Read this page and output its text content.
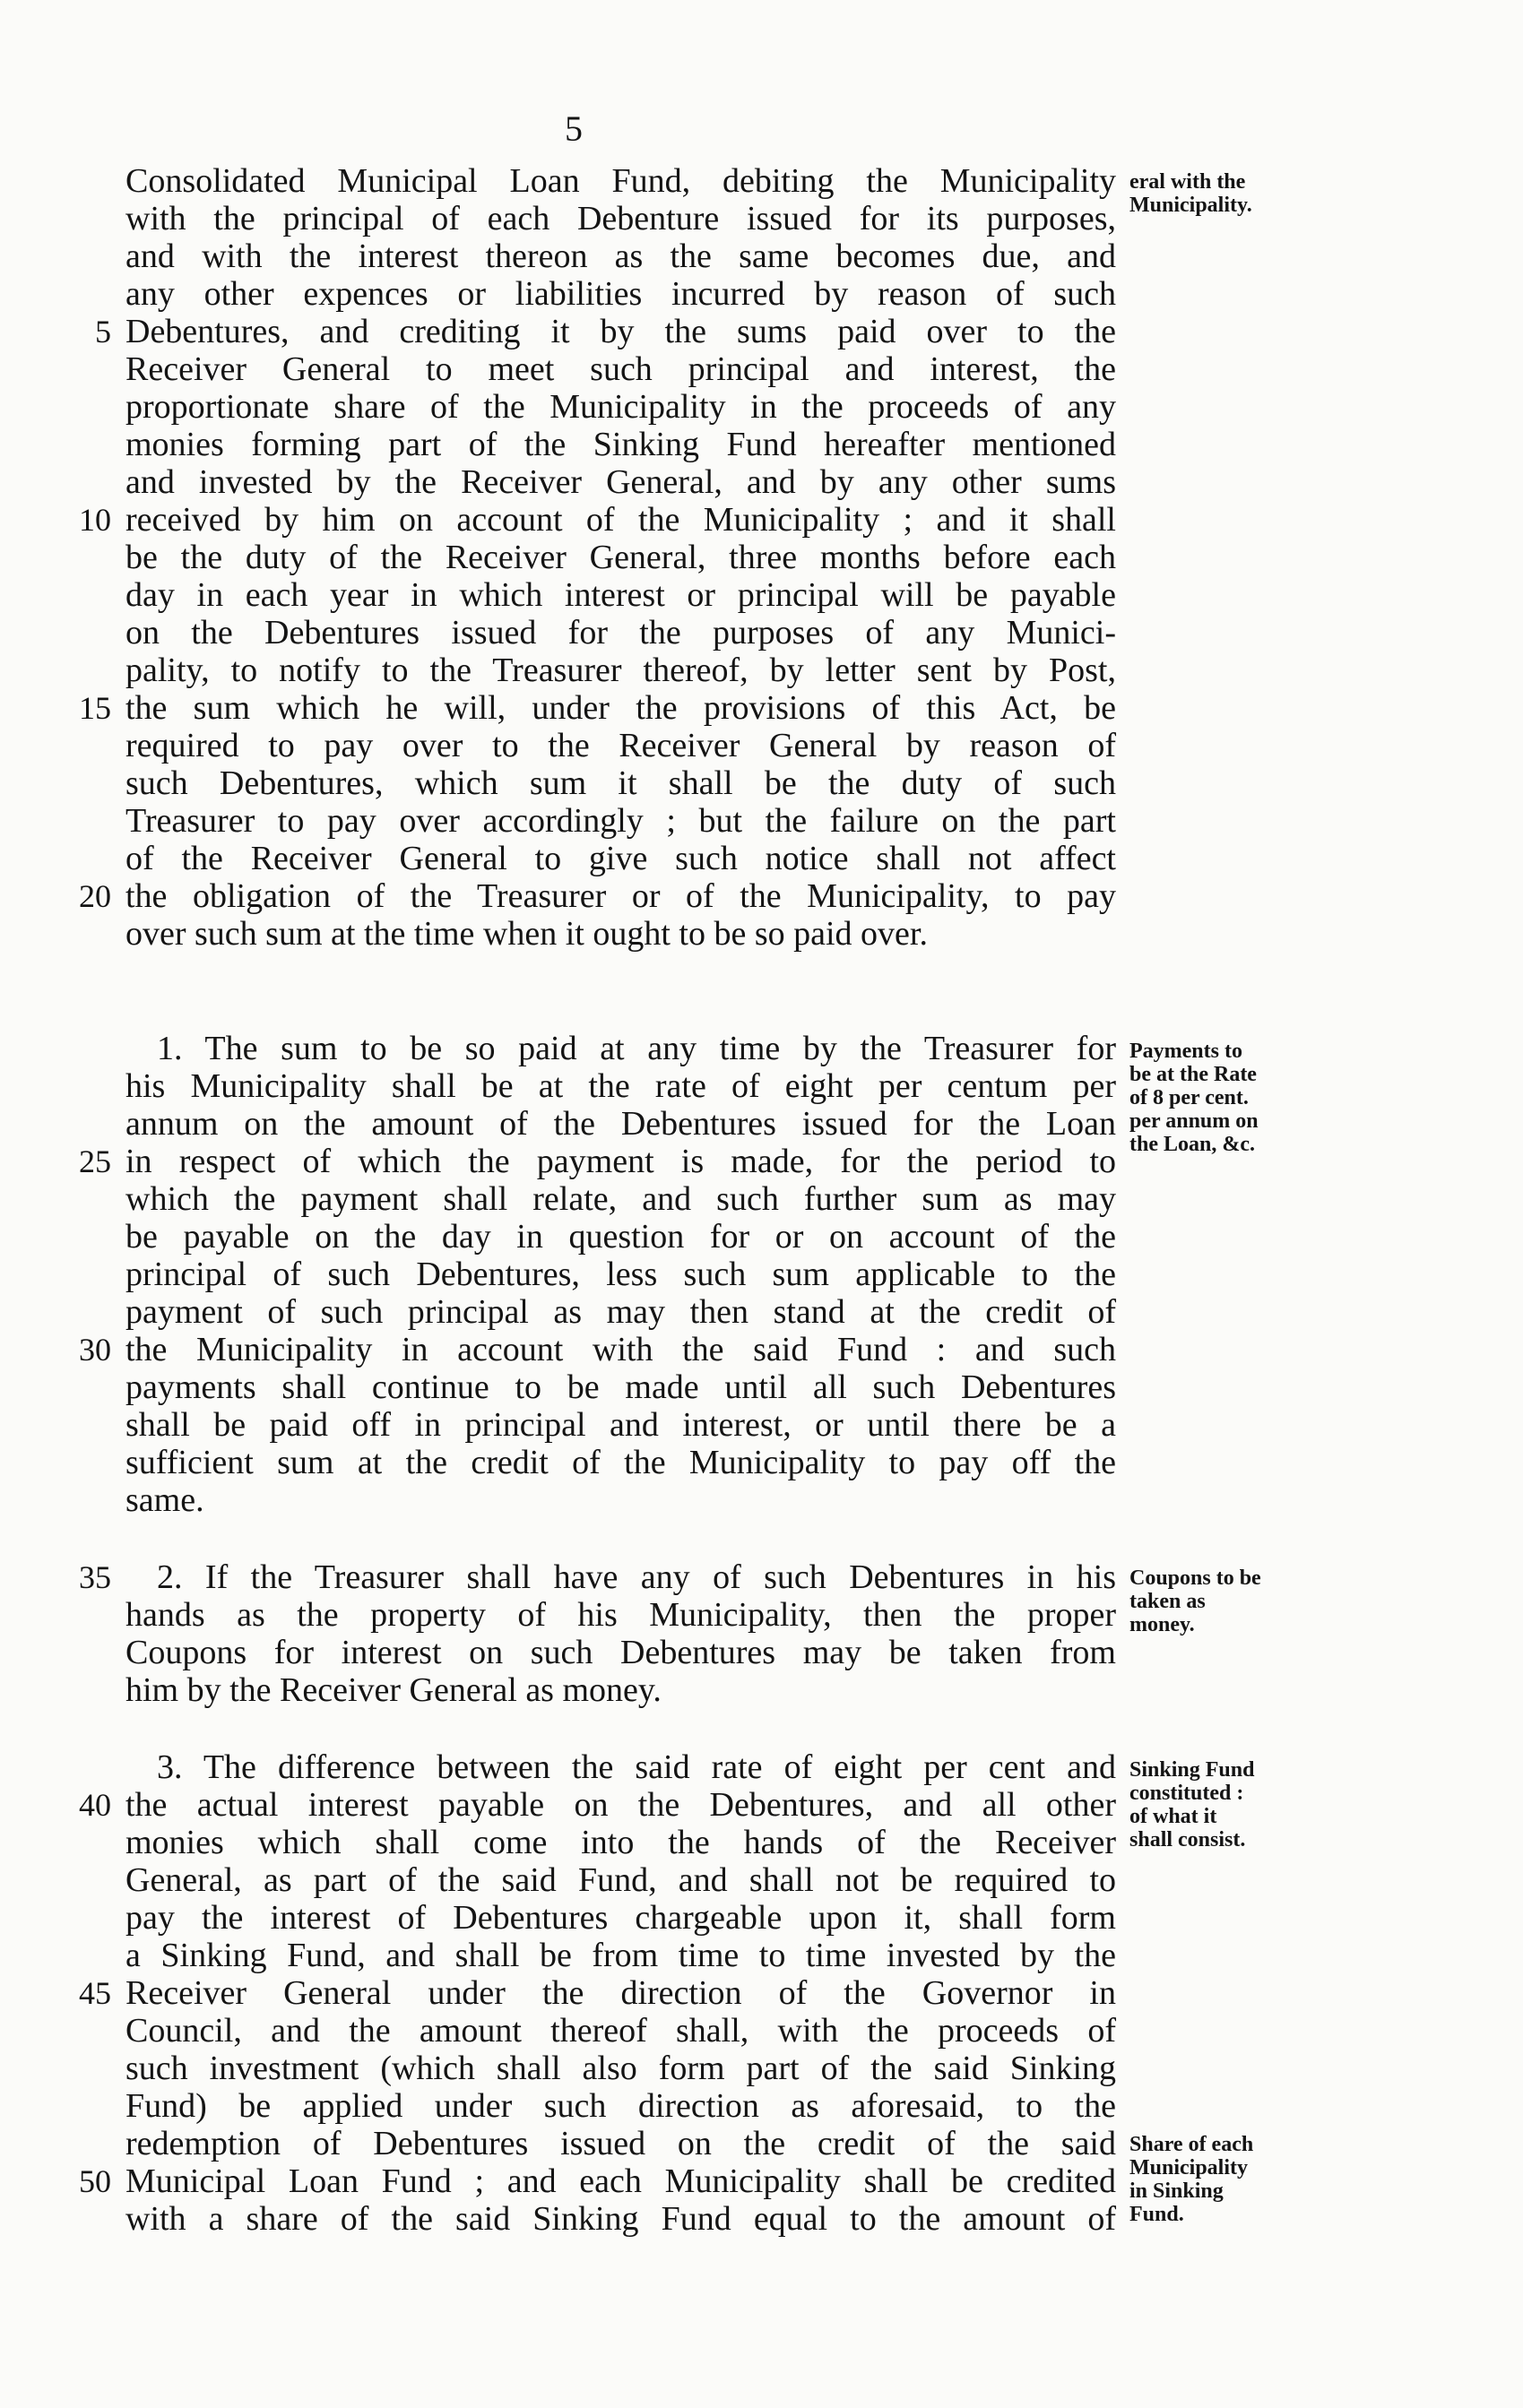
5
Consolidated Municipal Loan Fund, debiting the Municipality
with the principal of each Debenture issued for its purposes,
and with the interest thereon as the same becomes due, and
any other expences or liabilities incurred by reason of such
Debentures, and crediting it by the sums paid over to the
Receiver General to meet such principal and interest, the
proportionate share of the Municipality in the proceeds of any
monies forming part of the Sinking Fund hereafter mentioned
and invested by the Receiver General, and by any other sums
received by him on account of the Municipality ; and it shall
be the duty of the Receiver General, three months before each
day in each year in which interest or principal will be payable
on the Debentures issued for the purposes of any Munici-
pality, to notify to the Treasurer thereof, by letter sent by Post,
the sum which he will, under the provisions of this Act, be
required to pay over to the Receiver General by reason of
such Debentures, which sum it shall be the duty of such
Treasurer to pay over accordingly ; but the failure on the part
of the Receiver General to give such notice shall not affect
the obligation of the Treasurer or of the Municipality, to pay
over such sum at the time when it ought to be so paid over.
1. The sum to be so paid at any time by the Treasurer for
his Municipality shall be at the rate of eight per centum per
annum on the amount of the Debentures issued for the Loan
in respect of which the payment is made, for the period to
which the payment shall relate, and such further sum as may
be payable on the day in question for or on account of the
principal of such Debentures, less such sum applicable to the
payment of such principal as may then stand at the credit of
the Municipality in account with the said Fund : and such
payments shall continue to be made until all such Debentures
shall be paid off in principal and interest, or until there be a
sufficient sum at the credit of the Municipality to pay off the
same.
2. If the Treasurer shall have any of such Debentures in his
hands as the property of his Municipality, then the proper
Coupons for interest on such Debentures may be taken from
him by the Receiver General as money.
3. The difference between the said rate of eight per cent and
the actual interest payable on the Debentures, and all other
monies which shall come into the hands of the Receiver
General, as part of the said Fund, and shall not be required to
pay the interest of Debentures chargeable upon it, shall form
a Sinking Fund, and shall be from time to time invested by the
Receiver General under the direction of the Governor in
Council, and the amount thereof shall, with the proceeds of
such investment (which shall also form part of the said Sinking
Fund) be applied under such direction as aforesaid, to the
redemption of Debentures issued on the credit of the said
Municipal Loan Fund ; and each Municipality shall be credited
with a share of the said Sinking Fund equal to the amount of
5
10
15
20
25
30
35
40
45
50
eral with the
Municipality.
Payments to
be at the Rate
of 8 per cent.
per annum on
the Loan, &c.
Coupons to be
taken as
money.
Sinking Fund
constituted :
of what it
shall consist.
Share of each
Municipality
in Sinking
Fund.
